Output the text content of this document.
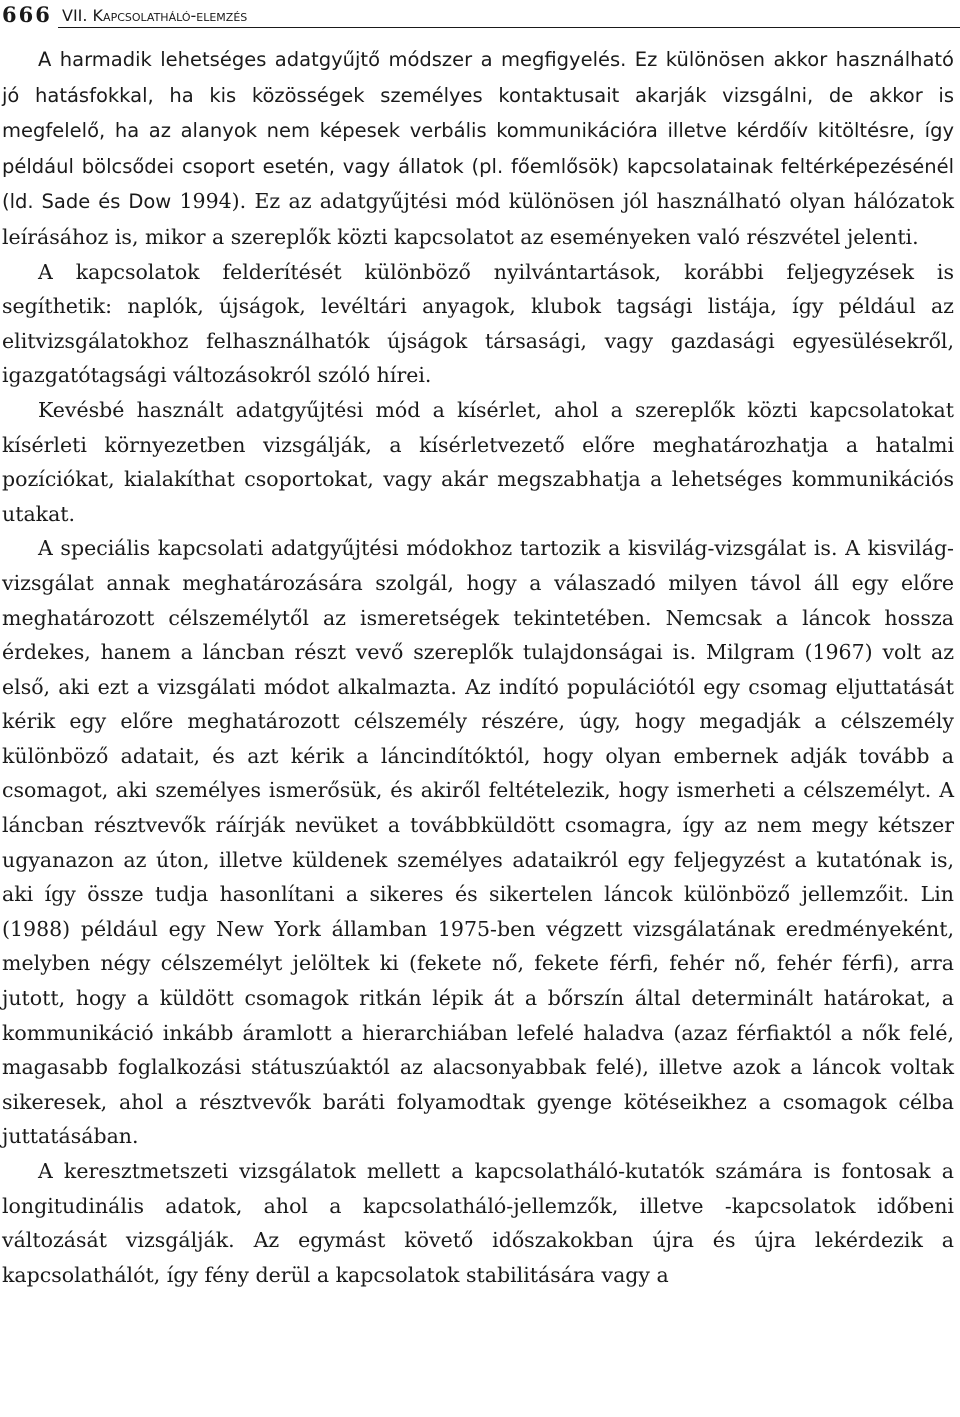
666 VII. Kapcsolatháló-elemzés

A harmadik lehetséges adatgyűjtő módszer a megfigyelés. Ez különösen akkor használható jó hatásfokkal, ha kis közösségek személyes kontaktusait akarják vizsgálni, de akkor is megfelelő, ha az alanyok nem képesek verbális kommunikációra illetve kérdőív kitöltésre, így például bölcsődei csoport esetén, vagy állatok (pl. főemlősök) kapcsolatainak feltérképezésénél (ld. Sade és Dow 1994). Ez az adatgyűjtési mód különösen jól használható olyan hálózatok leírásához is, mikor a szereplők közti kapcsolatot az eseményeken való részvétel jelenti.

A kapcsolatok felderítését különböző nyilvántartások, korábbi feljegyzések is segíthetik: naplók, újságok, levéltári anyagok, klubok tagsági listája, így például az elitvizsgálatokhoz felhasználhatók újságok társasági, vagy gazdasági egyesülésekről, igazgatótagsági változásokról szóló hírei.

Kevésbé használt adatgyűjtési mód a kísérlet, ahol a szereplők közti kapcsolatokat kísérleti környezetben vizsgálják, a kísérletvezető előre meghatározhatja a hatalmi pozíciókat, kialakíthat csoportokat, vagy akár megszabhatja a lehetséges kommunikációs utakat.

A speciális kapcsolati adatgyűjtési módokhoz tartozik a kisvilág-vizsgálat is. A kisvilág-vizsgálat annak meghatározására szolgál, hogy a válaszadó milyen távol áll egy előre meghatározott célszemélytől az ismeretségek tekintetében. Nemcsak a láncok hossza érdekes, hanem a láncban részt vevő szereplők tulajdonságai is. Milgram (1967) volt az első, aki ezt a vizsgálati módot alkalmazta. Az indító populációtól egy csomag eljuttatását kérik egy előre meghatározott célszemély részére, úgy, hogy megadják a célszemély különböző adatait, és azt kérik a láncindítóktól, hogy olyan embernek adják tovább a csomagot, aki személyes ismerősük, és akiről feltételezik, hogy ismerheti a célszemélyt. A láncban résztvevők ráírják nevüket a továbbküldött csomagra, így az nem megy kétszer ugyanazon az úton, illetve küldenek személyes adataikról egy feljegyzést a kutatónak is, aki így össze tudja hasonlítani a sikeres és sikertelen láncok különböző jellemzőit. Lin (1988) például egy New York államban 1975-ben végzett vizsgálatának eredményeként, melyben négy célszemélyt jelöltek ki (fekete nő, fekete férfi, fehér nő, fehér férfi), arra jutott, hogy a küldött csomagok ritkán lépik át a bőrszín által determinált határokat, a kommunikáció inkább áramlott a hierarchiában lefelé haladva (azaz férfiaktól a nők felé, magasabb foglalkozási státuszúaktól az alacsonyabbak felé), illetve azok a láncok voltak sikeresek, ahol a résztvevők baráti folyamodtak gyenge kötéseikhez a csomagok célba juttatásában.

A keresztmetszeti vizsgálatok mellett a kapcsolatháló-kutatók számára is fontosak a longitudinális adatok, ahol a kapcsolatháló-jellemzők, illetve -kapcsolatok időbeni változását vizsgálják. Az egymást követő időszakokban újra és újra lekérdezik a kapcsolathálót, így fény derül a kapcsolatok stabilitására vagy a
